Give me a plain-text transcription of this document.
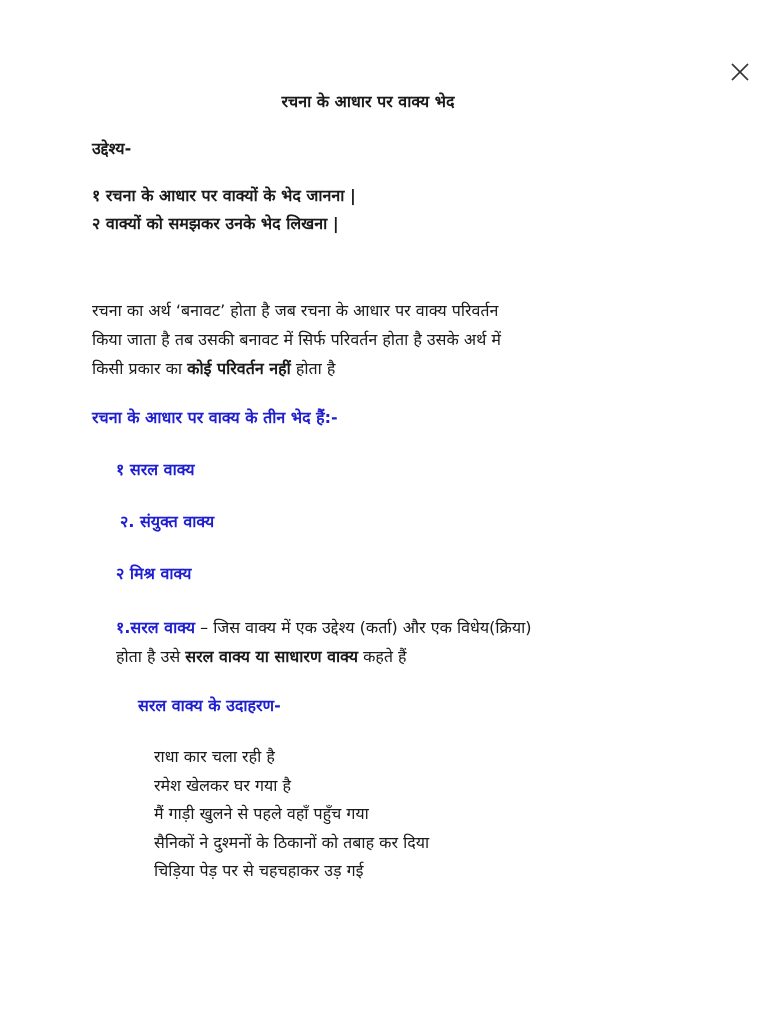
रचना के आधार पर वाक्य भेद
उद्देश्य-
१ रचना के आधार पर वाक्यों के भेद जानना |
२ वाक्यों को समझकर उनके भेद लिखना |
रचना का अर्थ ‘बनावट’ होता है जब रचना के आधार पर वाक्य परिवर्तन
किया जाता है तब उसकी बनावट में सिर्फ परिवर्तन होता है उसके अर्थ में
किसी प्रकार का कोई परिवर्तन नहीं होता है
रचना के आधार पर वाक्य के तीन भेद हैं:-
१ सरल वाक्य
२. संयुक्त वाक्य
२ मिश्र वाक्य
१.सरल वाक्य – जिस वाक्य में एक उद्देश्य (कर्ता) और एक विधेय(क्रिया)
होता है उसे सरल वाक्य या साधारण वाक्य कहते हैं
सरल वाक्य के उदाहरण-
राधा कार चला रही है
रमेश खेलकर घर गया है
मैं गाड़ी खुलने से पहले वहाँ पहुँच गया
सैनिकों ने दुश्मनों के ठिकानों को तबाह कर दिया
चिड़िया पेड़ पर से चहचहाकर उड़ गई
